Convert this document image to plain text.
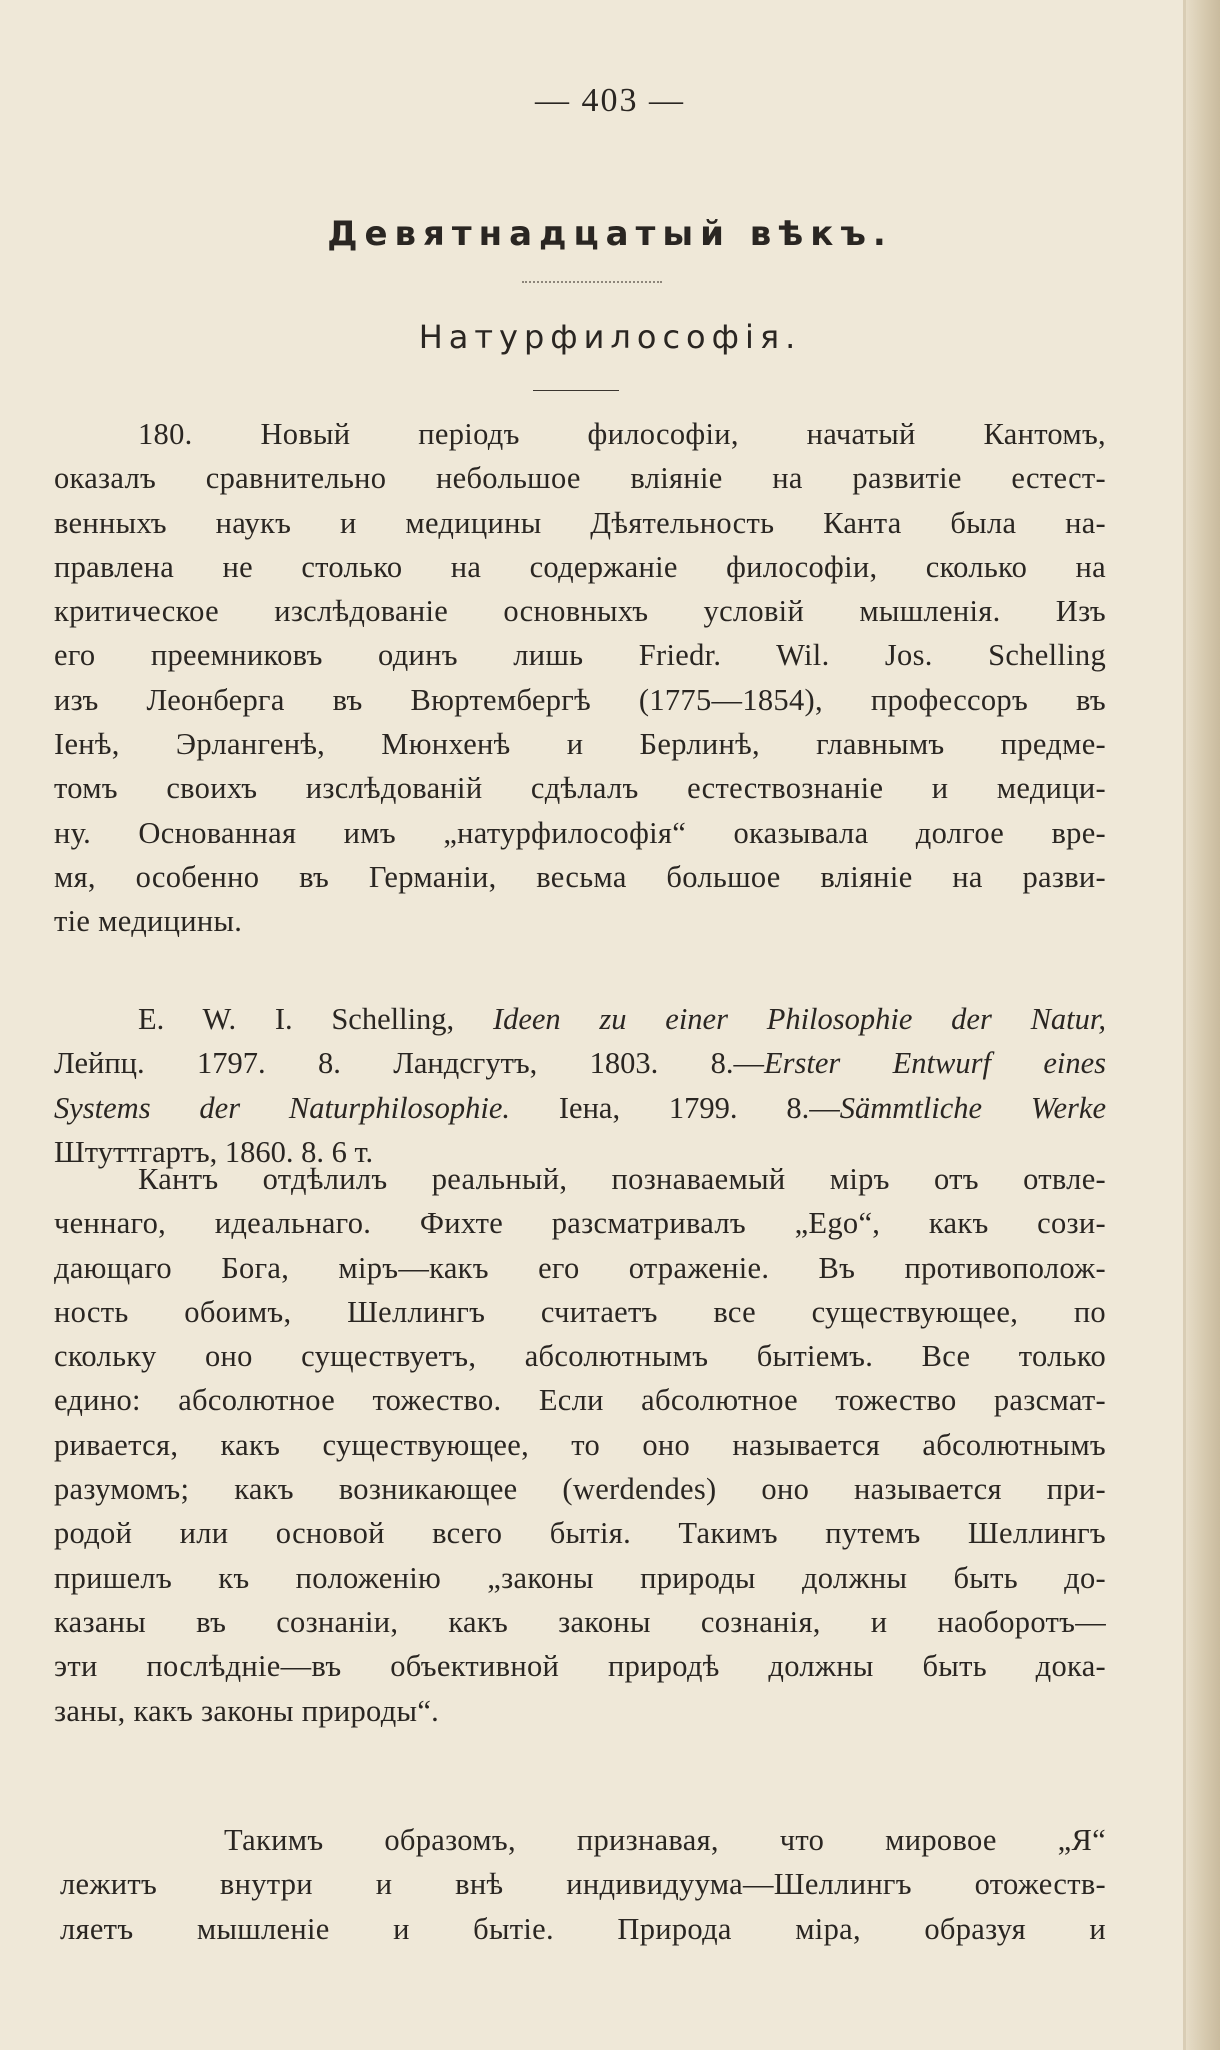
— 403 —
Девятнадцатый вѣкъ.
Натурфилософія.
180. Новый періодъ философіи, начатый Кантомъ,
оказалъ сравнительно небольшое вліяніе на развитіе естест-
венныхъ наукъ и медицины Дѣятельность Канта была на-
правлена не столько на содержаніе философіи, сколько на
критическое изслѣдованіе основныхъ условій мышленія. Изъ
его преемниковъ одинъ лишь Friedr. Wil. Jos. Schelling
изъ Леонберга въ Вюртембергѣ (1775—1854), профессоръ въ
Іенѣ, Эрлангенѣ, Мюнхенѣ и Берлинѣ, главнымъ предме-
томъ своихъ изслѣдованій сдѣлалъ естествознаніе и медици-
ну. Основанная имъ „натурфилософія“ оказывала долгое вре-
мя, особенно въ Германіи, весьма большое вліяніе на разви-
тіе медицины.
E. W. I. Schelling, Ideen zu einer Philosophie der Natur,
Лейпц. 1797. 8. Ландсгутъ, 1803. 8.—Erster Entwurf eines
Systems der Naturphilosophie. Іена, 1799. 8.—Sämmtliche Werke
Штуттгартъ, 1860. 8. 6 т.
Кантъ отдѣлилъ реальный, познаваемый міръ отъ отвле-
ченнаго, идеальнаго. Фихте разсматривалъ „Ego“, какъ сози-
дающаго Бога, міръ—какъ его отраженіе. Въ противополож-
ность обоимъ, Шеллингъ считаетъ все существующее, по
скольку оно существуетъ, абсолютнымъ бытіемъ. Все только
едино: абсолютное тожество. Если абсолютное тожество разсмат-
ривается, какъ существующее, то оно называется абсолютнымъ
разумомъ; какъ возникающее (werdendes) оно называется при-
родой или основой всего бытія. Такимъ путемъ Шеллингъ
пришелъ къ положенію „законы природы должны быть до-
казаны въ сознаніи, какъ законы сознанія, и наоборотъ—
эти послѣдніе—въ объективной природѣ должны быть дока-
заны, какъ законы природы“.
Такимъ образомъ, признавая, что мировое „Я“
лежитъ внутри и внѣ индивидуума—Шеллингъ отожеств-
ляетъ мышленіе и бытіе. Природа міра, образуя и
